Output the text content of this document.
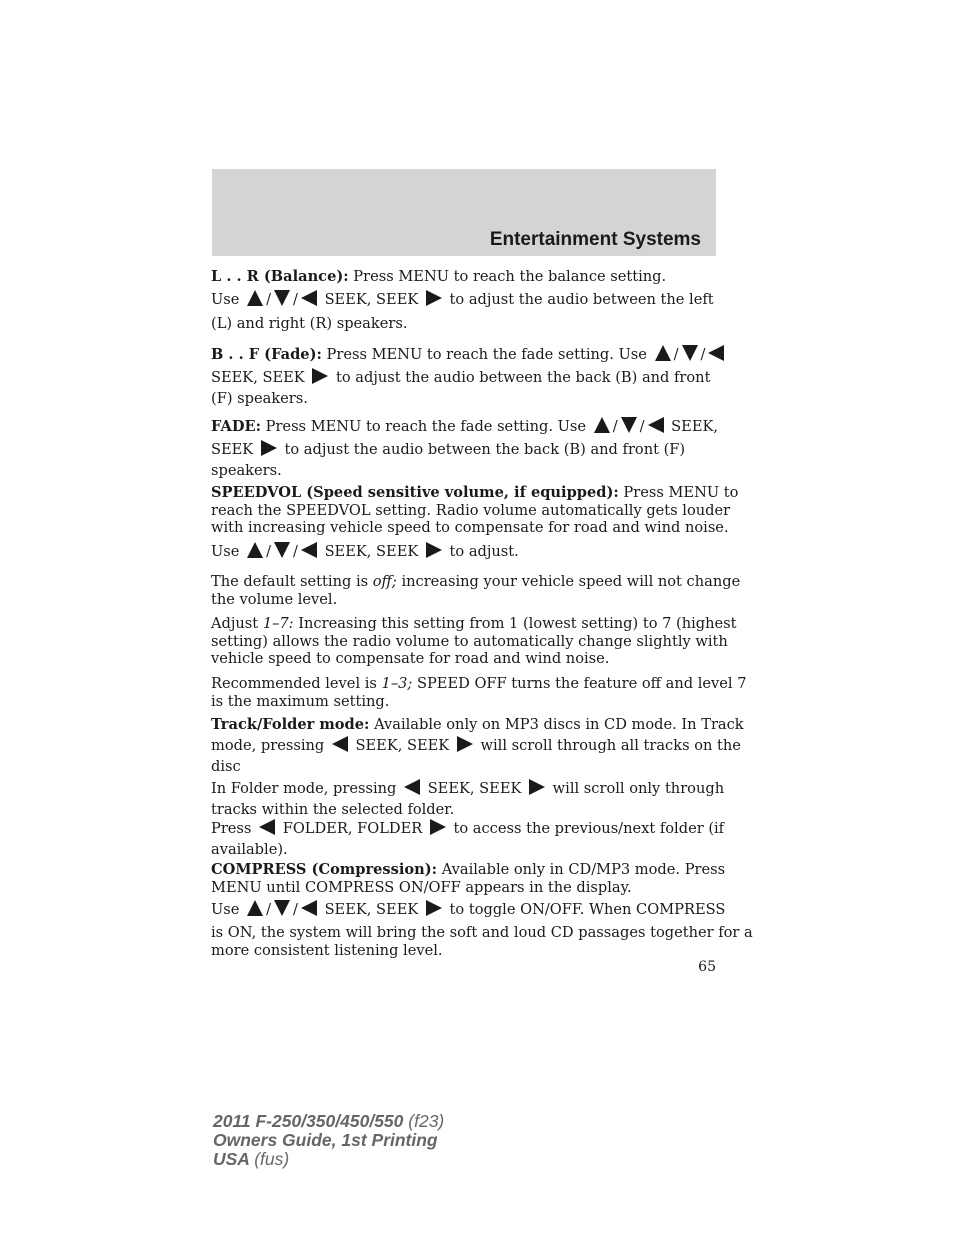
Entertainment Systems
L . . R (Balance): Press MENU to reach the balance setting.
Use / / SEEK, SEEK to adjust the audio between the left
(L) and right (R) speakers.
B . . F (Fade): Press MENU to reach the fade setting. Use / /
SEEK, SEEK to adjust the audio between the back (B) and front
(F) speakers.
FADE: Press MENU to reach the fade setting. Use / / SEEK,
SEEK to adjust the audio between the back (B) and front (F)
speakers.
SPEEDVOL (Speed sensitive volume, if equipped): Press MENU to
reach the SPEEDVOL setting. Radio volume automatically gets louder
with increasing vehicle speed to compensate for road and wind noise.
Use / / SEEK, SEEK to adjust.
The default setting is off; increasing your vehicle speed will not change
the volume level.
Adjust 1–7: Increasing this setting from 1 (lowest setting) to 7 (highest
setting) allows the radio volume to automatically change slightly with
vehicle speed to compensate for road and wind noise.
Recommended level is 1–3; SPEED OFF turns the feature off and level 7
is the maximum setting.
Track/Folder mode: Available only on MP3 discs in CD mode. In Track
mode, pressing SEEK, SEEK will scroll through all tracks on the
disc
In Folder mode, pressing SEEK, SEEK will scroll only through
tracks within the selected folder.
Press FOLDER, FOLDER to access the previous/next folder (if
available).
COMPRESS (Compression): Available only in CD/MP3 mode. Press
MENU until COMPRESS ON/OFF appears in the display.
Use / / SEEK, SEEK to toggle ON/OFF. When COMPRESS
is ON, the system will bring the soft and loud CD passages together for a
more consistent listening level.
65
2011 F-250/350/450/550 (f23)
Owners Guide, 1st Printing
USA (fus)
